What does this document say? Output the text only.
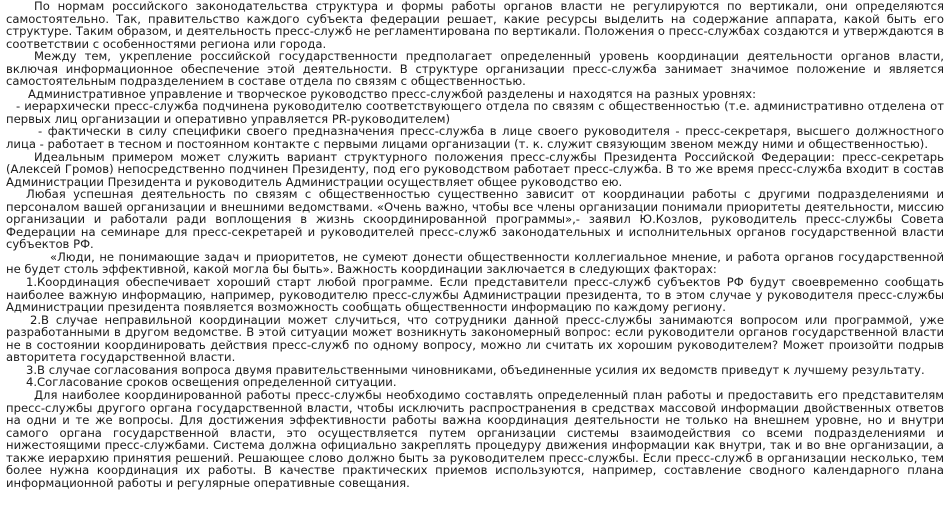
По нормам российского законодательства структура и формы работы органов власти не регулируются по вертикали, они определяются самостоятельно. Так, правительство каждого субъекта федерации решает, какие ресурсы выделить на содержание аппарата, какой быть его структуре. Таким образом, и деятельность пресс-служб не регламентирована по вертикали. Положения о пресс-службах создаются и утверждаются в соответствии с особенностями региона или города.

Между тем, укрепление российской государственности предполагает определенный уровень координации деятельности органов власти, включая информационное обеспечение этой деятельности. В структуре организации пресс-служба занимает значимое положение и является самостоятельным подразделением в составе отдела по связям с общественностью.

Административное управление и творческое руководство пресс-службой разделены и находятся на разных уровнях:

- иерархически пресс-служба подчинена руководителю соответствующего отдела по связям с общественностью (т.е. административно отделена от первых лиц организации и оперативно управляется PR-руководителем)

- фактически в силу специфики своего предназначения пресс-служба в лице своего руководителя - пресс-секретаря, высшего должностного лица - работает в тесном и постоянном контакте с первыми лицами организации (т. к. служит связующим звеном между ними и общественностью).

Идеальным примером может служить вариант структурного положения пресс-службы Президента Российской Федерации: пресс-секретарь (Алексей Громов) непосредственно подчинен Президенту, под его руководством работает пресс-служба. В то же время пресс-служба входит в состав Администрации Президента и руководитель Администрации осуществляет общее руководство ею.

Любая успешная деятельность по связям с общественностью существенно зависит от координации работы с другими подразделениями и персоналом вашей организации и внешними ведомствами. «Очень важно, чтобы все члены организации понимали приоритеты деятельности, миссию организации и работали ради воплощения в жизнь скоординированной программы»,- заявил Ю.Козлов, руководитель пресс-службы Совета Федерации на семинаре для пресс-секретарей и руководителей пресс-служб законодательных и исполнительных органов государственной власти субъектов РФ.

«Люди, не понимающие задач и приоритетов, не сумеют донести общественности коллегиальное мнение, и работа органов государственной не будет столь эффективной, какой могла бы быть». Важность координации заключается в следующих факторах:

1.Координация обеспечивает хороший старт любой программе. Если представители пресс-служб субъектов РФ будут своевременно сообщать наиболее важную информацию, например, руководителю пресс-службы Администрации президента, то в этом случае у руководителя пресс-службы Администрации президента появляется возможность сообщать общественности информацию по каждому региону.

2.В случае неправильной координации может случиться, что сотрудники данной пресс-службы занимаются вопросом или программой, уже разработанными в другом ведомстве. В этой ситуации может возникнуть закономерный вопрос: если руководители органов государственной власти не в состоянии координировать действия пресс-служб по одному вопросу, можно ли считать их хорошим руководителем? Может произойти подрыв авторитета государственной власти.

3.В случае согласования вопроса двумя правительственными чиновниками, объединенные усилия их ведомств приведут к лучшему результату.

4.Согласование сроков освещения определенной ситуации.

Для наиболее координированной работы пресс-службы необходимо составлять определенный план работы и предоставить его представителям пресс-службы другого органа государственной власти, чтобы исключить распространения в средствах массовой информации двойственных ответов на одни и те же вопросы. Для достижения эффективности работы важна координация деятельности не только на внешнем уровне, но и внутри самого органа государственной власти, это осуществляется путем организации системы взаимодействия со всеми подразделениями и нижестоящими пресс-службами. Система должна официально закреплять процедуру движения информации как внутри, так и во вне организации, а также иерархию принятия решений. Решающее слово должно быть за руководителем пресс-службы. Если пресс-служб в организации несколько, тем более нужна координация их работы. В качестве практических приемов используются, например, составление сводного календарного плана информационной работы и регулярные оперативные совещания.
